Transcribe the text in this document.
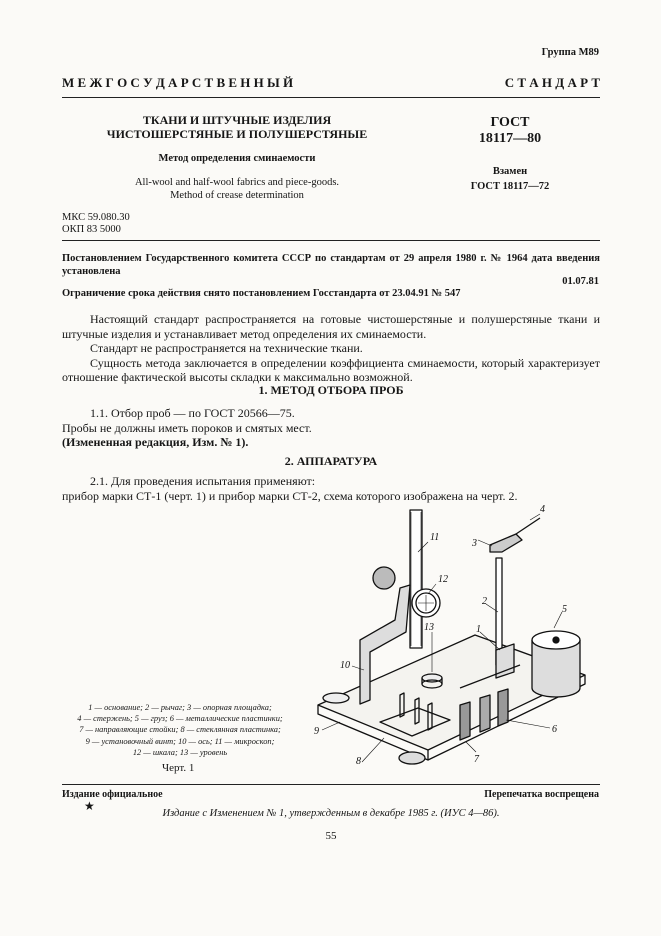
Группа М89
М Е Ж Г О С У Д А Р С Т В Е Н Н Ы Й	С Т А Н Д А Р Т
ТКАНИ И ШТУЧНЫЕ ИЗДЕЛИЯ
ЧИСТОШЕРСТЯНЫЕ И ПОЛУШЕРСТЯНЫЕ
Метод определения сминаемости
All-wool and half-wool fabrics and piece-goods.
Method of crease determination
ГОСТ
18117—80
Взамен
ГОСТ 18117—72
МКС 59.080.30
ОКП 83 5000
Постановлением Государственного комитета СССР по стандартам от 29 апреля 1980 г. № 1964 дата введения установлена
01.07.81
Ограничение срока действия снято постановлением Госстандарта от 23.04.91 № 547

Настоящий стандарт распространяется на готовые чистошерстяные и полушерстяные ткани и штучные изделия и устанавливает метод определения их сминаемости.

Стандарт не распространяется на технические ткани.

Сущность метода заключается в определении коэффициента сминаемости, который характеризует отношение фактической высоты складки к максимально возможной.

1. МЕТОД ОТБОРА ПРОБ

1.1. Отбор проб — по ГОСТ 20566—75.

Пробы не должны иметь пороков и смятых мест.

(Измененная редакция, Изм. № 1).

2. АППАРАТУРА

2.1. Для проведения испытания применяют:

прибор марки СТ-1 (черт. 1) и прибор марки СТ-2, схема которого изображена на черт. 2.

11
12
13
10
1
2
3
5
4
7
8
9	6
1 — основание; 2 — рычаг; 3 — опорная площадка;
4 — стержень; 5 — груз; 6 — металлические пластинки;
7 — направляющие стойки; 8 — стеклянная пластинка;
9 — установочный винт; 10 — ось; 11 — микроскоп;
12 — шкала; 13 — уровень
Черт. 1
Издание официальное	Перепечатка воспрещена
★
Издание с Изменением № 1, утвержденным в декабре 1985 г. (ИУС 4—86).
55
